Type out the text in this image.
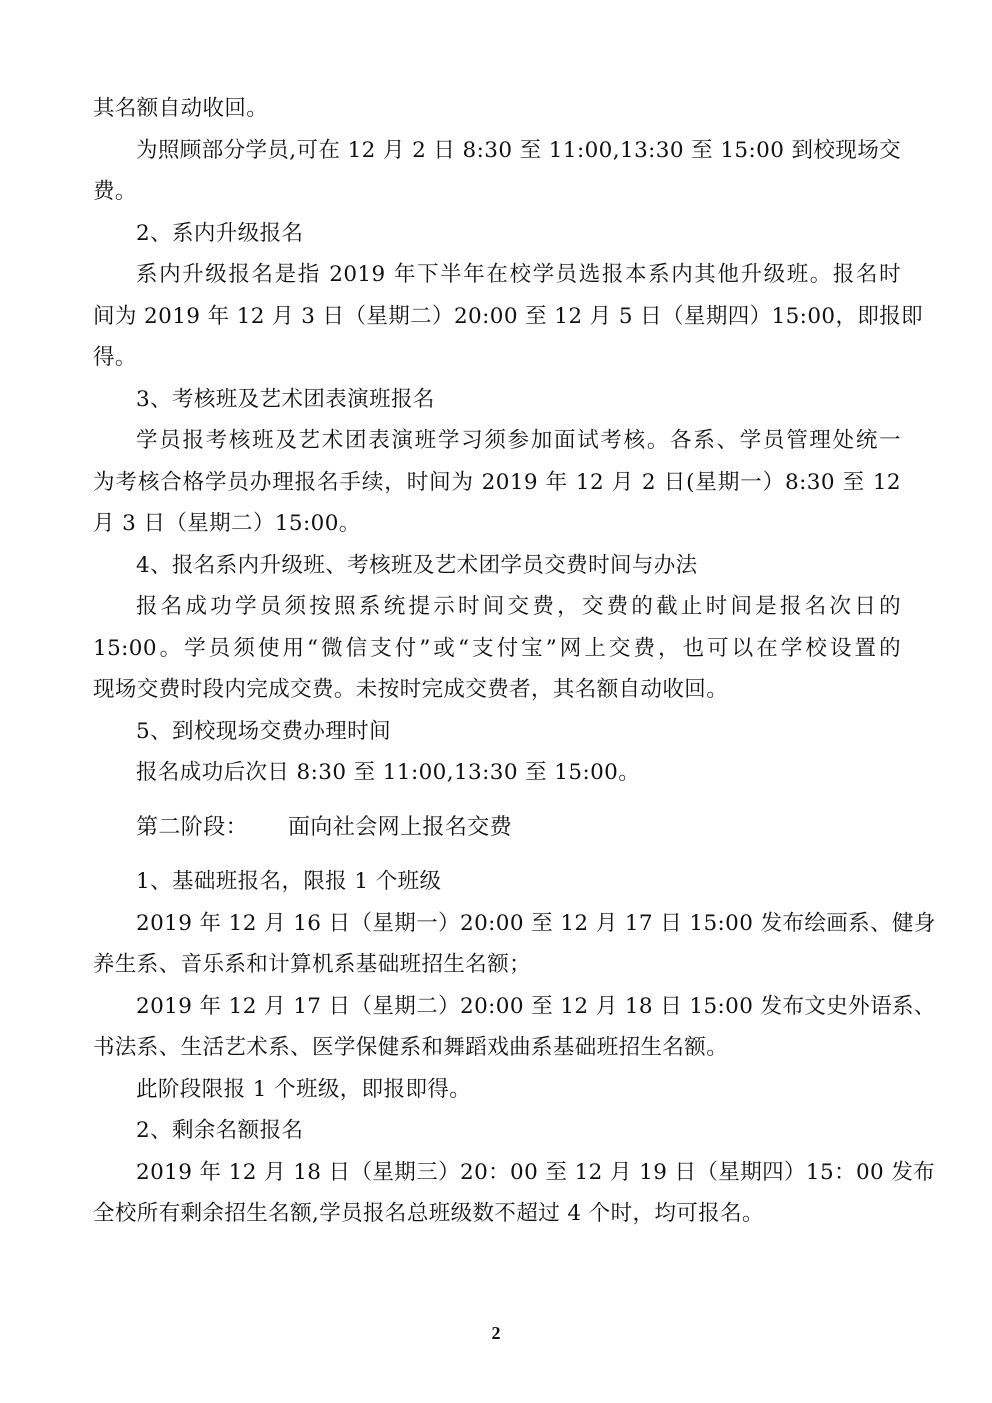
其名额自动收回。
为照顾部分学员,可在 12 月 2 日 8:30 至 11:00,13:30 至 15:00 到校现场交
费。
2、系内升级报名
系内升级报名是指 2019 年下半年在校学员选报本系内其他升级班。报名时
间为 2019 年 12 月 3 日（星期二）20:00 至 12 月 5 日（星期四）15:00，即报即
得。
3、考核班及艺术团表演班报名
学员报考核班及艺术团表演班学习须参加面试考核。各系、学员管理处统一
为考核合格学员办理报名手续，时间为 2019 年 12 月 2 日(星期一）8:30 至 12
月 3 日（星期二）15:00。
4、报名系内升级班、考核班及艺术团学员交费时间与办法
报名成功学员须按照系统提示时间交费，交费的截止时间是报名次日的
15:00。学员须使用“微信支付”或“支付宝”网上交费，也可以在学校设置的
现场交费时段内完成交费。未按时完成交费者，其名额自动收回。
5、到校现场交费办理时间
报名成功后次日 8:30 至 11:00,13:30 至 15:00。
第二阶段： 面向社会网上报名交费
1、基础班报名，限报 1 个班级
2019 年 12 月 16 日（星期一）20:00 至 12 月 17 日 15:00 发布绘画系、健身
养生系、音乐系和计算机系基础班招生名额；
2019 年 12 月 17 日（星期二）20:00 至 12 月 18 日 15:00 发布文史外语系、
书法系、生活艺术系、医学保健系和舞蹈戏曲系基础班招生名额。
此阶段限报 1 个班级，即报即得。
2、剩余名额报名
2019 年 12 月 18 日（星期三）20：00 至 12 月 19 日（星期四）15：00 发布
全校所有剩余招生名额,学员报名总班级数不超过 4 个时，均可报名。
2
